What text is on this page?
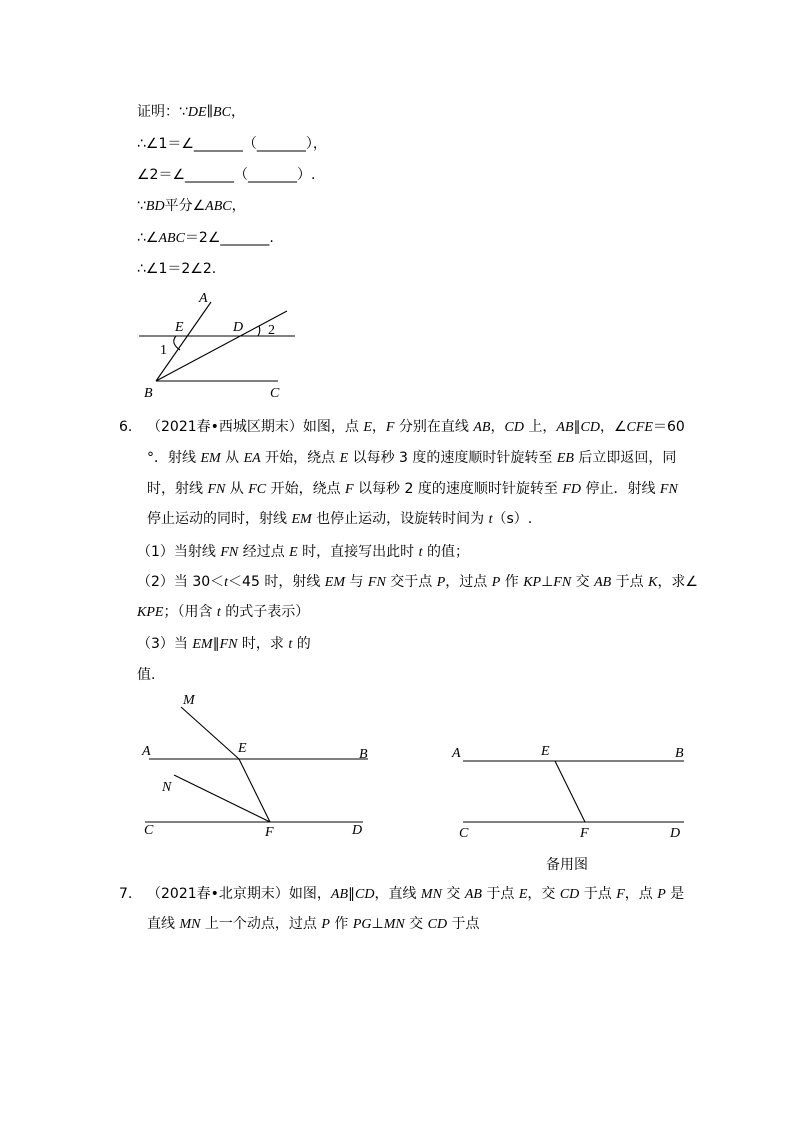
证明：∵DE∥BC，
∴∠1＝∠_______（_______），
∠2＝∠_______（_______）.
∵BD平分∠ABC，
∴∠ABC＝2∠_______.
∴∠1＝2∠2.
A
E	D 2
1
B	C
6. （2021春•西城区期末）如图，点 E，F 分别在直线 AB，CD 上，AB∥CD，∠CFE＝60
°．射线 EM 从 EA 开始，绕点 E 以每秒 3 度的速度顺时针旋转至 EB 后立即返回，同
时，射线 FN 从 FC 开始，绕点 F 以每秒 2 度的速度顺时针旋转至 FD 停止．射线 FN
停止运动的同时，射线 EM 也停止运动，设旋转时间为 t（s）.
（1）当射线 FN 经过点 E 时，直接写出此时 t 的值；
（2）当 30＜t＜45 时，射线 EM 与 FN 交于点 P，过点 P 作 KP⊥FN 交 AB 于点 K，求∠
KPE；（用含 t 的式子表示）
（3）当 EM∥FN 时，求 t 的
值.
M
A	E	B
N
C	F	D
A	E	B
C	F	D
备用图
7. （2021春•北京期末）如图，AB∥CD，直线 MN 交 AB 于点 E，交 CD 于点 F，点 P 是
直线 MN 上一个动点，过点 P 作 PG⊥MN 交 CD 于点
